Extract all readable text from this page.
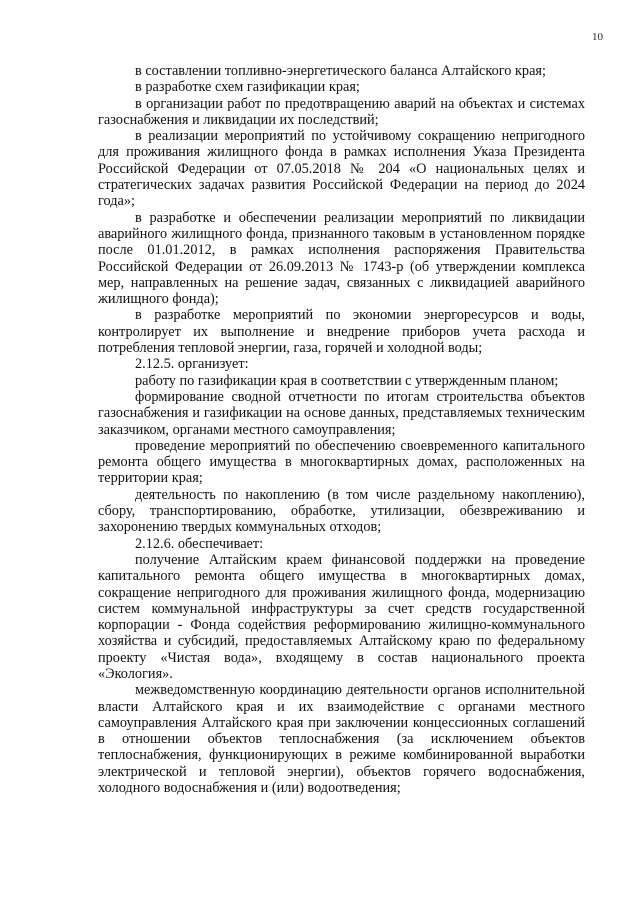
10

в составлении топливно-энергетического баланса Алтайского края;

в разработке схем газификации края;

в организации работ по предотвращению аварий на объектах и системах газоснабжения и ликвидации их последствий;

в реализации мероприятий по устойчивому сокращению непригодного для проживания жилищного фонда в рамках исполнения Указа Президента Российской Федерации от 07.05.2018 № 204 «О национальных целях и стратегических задачах развития Российской Федерации на период до 2024 года»;

в разработке и обеспечении реализации мероприятий по ликвидации аварийного жилищного фонда, признанного таковым в установленном порядке после 01.01.2012, в рамках исполнения распоряжения Правительства Российской Федерации от 26.09.2013 № 1743-р (об утверждении комплекса мер, направленных на решение задач, связанных с ликвидацией аварийного жилищного фонда);

в разработке мероприятий по экономии энергоресурсов и воды, контролирует их выполнение и внедрение приборов учета расхода и потребления тепловой энергии, газа, горячей и холодной воды;

2.12.5. организует:

работу по газификации края в соответствии с утвержденным планом;

формирование сводной отчетности по итогам строительства объектов газоснабжения и газификации на основе данных, представляемых техническим заказчиком, органами местного самоуправления;

проведение мероприятий по обеспечению своевременного капитального ремонта общего имущества в многоквартирных домах, расположенных на территории края;

деятельность по накоплению (в том числе раздельному накоплению), сбору, транспортированию, обработке, утилизации, обезвреживанию и захоронению твердых коммунальных отходов;

2.12.6. обеспечивает:

получение Алтайским краем финансовой поддержки на проведение капитального ремонта общего имущества в многоквартирных домах, сокращение непригодного для проживания жилищного фонда, модернизацию систем коммунальной инфраструктуры за счет средств государственной корпорации - Фонда содействия реформированию жилищно-коммунального хозяйства и субсидий, предоставляемых Алтайскому краю по федеральному проекту «Чистая вода», входящему в состав национального проекта «Экология».

межведомственную координацию деятельности органов исполнительной власти Алтайского края и их взаимодействие с органами местного самоуправления Алтайского края при заключении концессионных соглашений в отношении объектов теплоснабжения (за исключением объектов теплоснабжения, функционирующих в режиме комбинированной выработки электрической и тепловой энергии), объектов горячего водоснабжения, холодного водоснабжения и (или) водоотведения;
